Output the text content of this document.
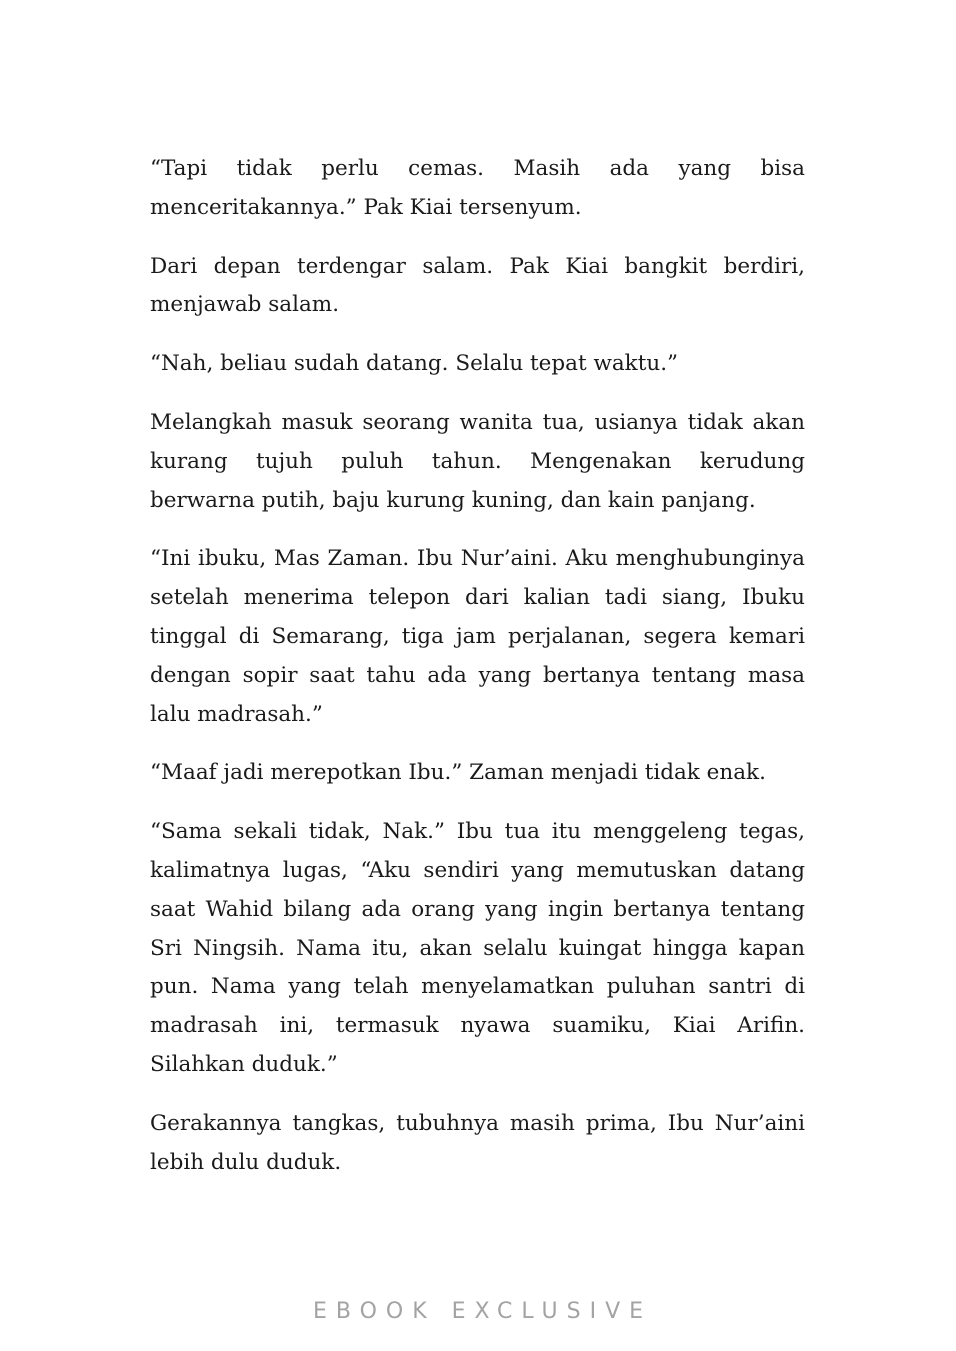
“Tapi tidak perlu cemas. Masih ada yang bisa menceritakannya.” Pak Kiai tersenyum.

Dari depan terdengar salam. Pak Kiai bangkit berdiri, menjawab salam.

“Nah, beliau sudah datang. Selalu tepat waktu.”

Melangkah masuk seorang wanita tua, usianya tidak akan kurang tujuh puluh tahun. Mengenakan kerudung berwarna putih, baju kurung kuning, dan kain panjang.

“Ini ibuku, Mas Zaman. Ibu Nur’aini. Aku menghubunginya setelah menerima telepon dari kalian tadi siang, Ibuku tinggal di Semarang, tiga jam perjalanan, segera kemari dengan sopir saat tahu ada yang bertanya tentang masa lalu madrasah.”

“Maaf jadi merepotkan Ibu.” Zaman menjadi tidak enak.

“Sama sekali tidak, Nak.” Ibu tua itu menggeleng tegas, kalimatnya lugas, “Aku sendiri yang memutuskan datang saat Wahid bilang ada orang yang ingin bertanya tentang Sri Ningsih. Nama itu, akan selalu kuingat hingga kapan pun. Nama yang telah menyelamatkan puluhan santri di madrasah ini, termasuk nyawa suamiku, Kiai Arifin. Silahkan duduk.”

Gerakannya tangkas, tubuhnya masih prima, Ibu Nur’aini lebih dulu duduk.

EBOOK EXCLUSIVE
